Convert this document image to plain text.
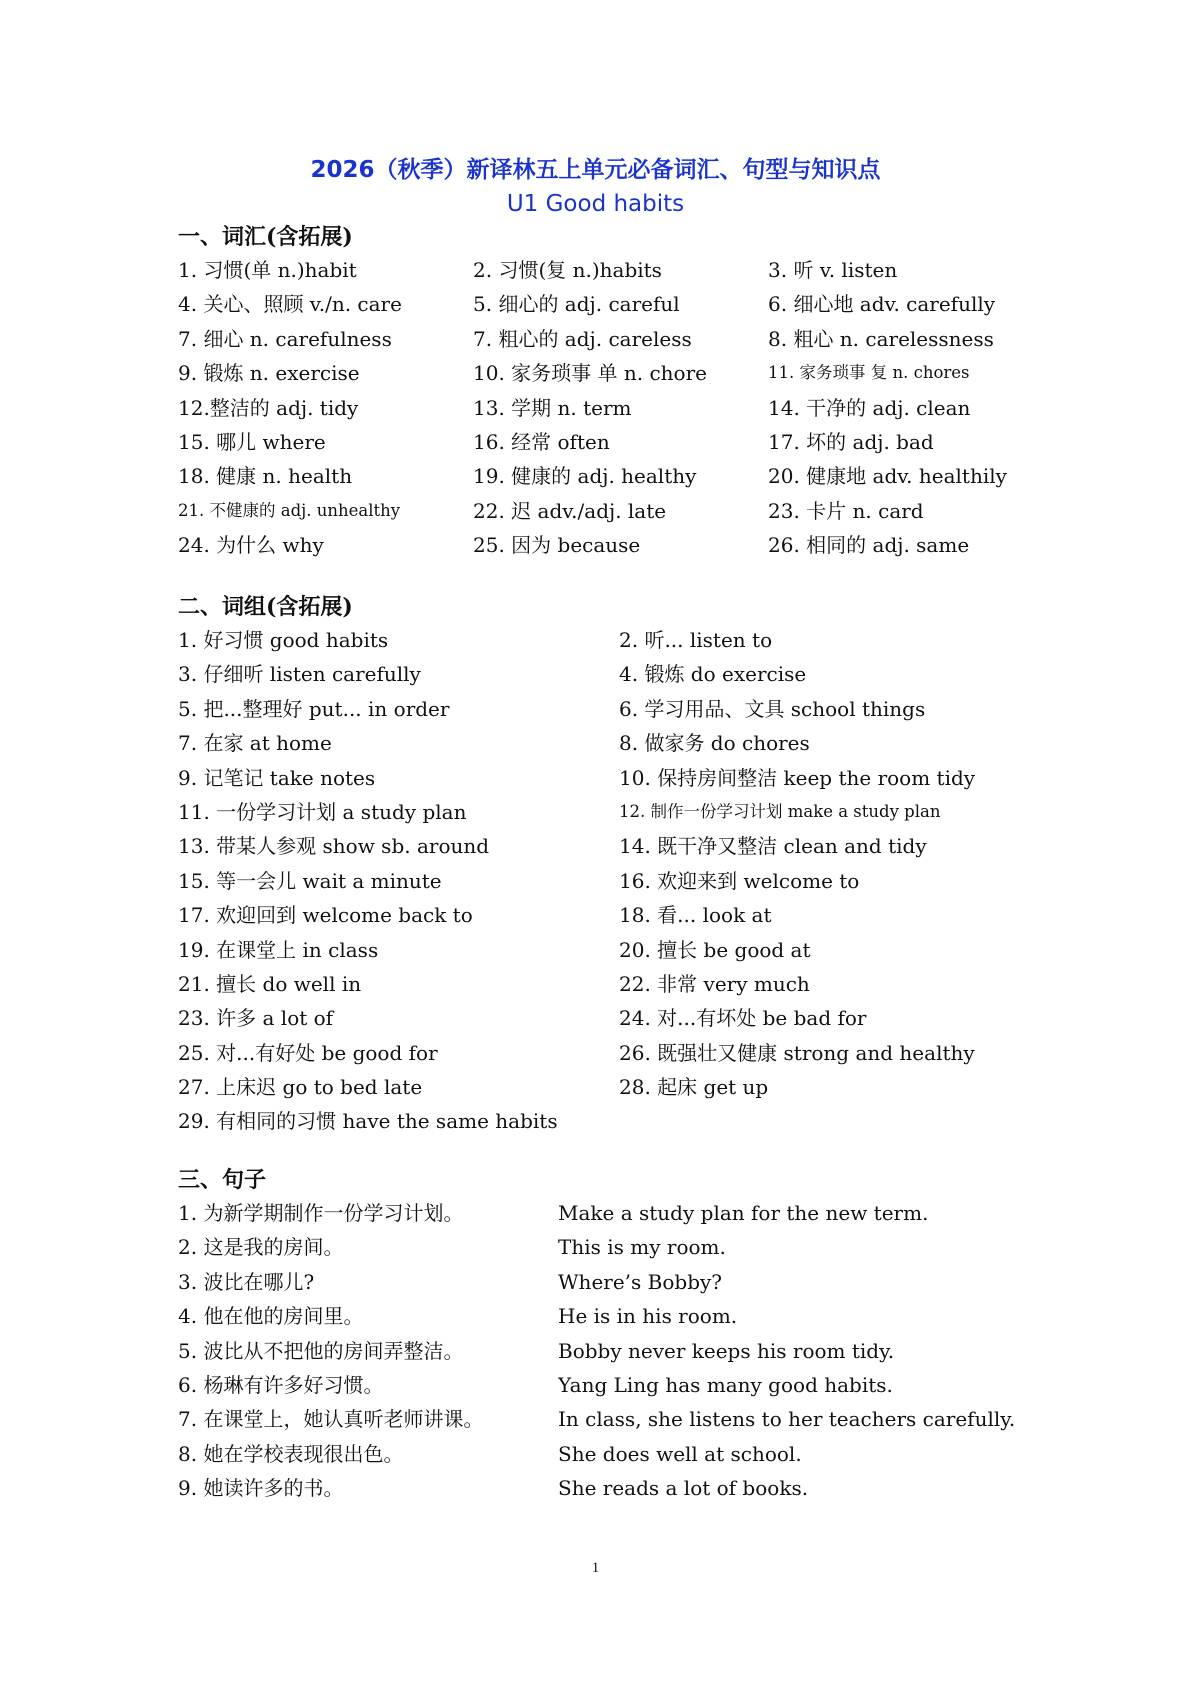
2026（秋季）新译林五上单元必备词汇、句型与知识点
U1 Good habits
一、词汇(含拓展)
1. 习惯(单 n.)habit	2. 习惯(复 n.)habits	3. 听 v. listen
4. 关心、照顾 v./n. care	5. 细心的 adj. careful	6. 细心地 adv. carefully
7. 细心 n. carefulness	7. 粗心的 adj. careless	8. 粗心 n. carelessness
9. 锻炼 n. exercise	10. 家务琐事 单 n. chore	11. 家务琐事 复 n. chores
12.整洁的 adj. tidy	13. 学期 n. term	14. 干净的 adj. clean
15. 哪儿 where	16. 经常 often	17. 坏的 adj. bad
18. 健康 n. health	19. 健康的 adj. healthy	20. 健康地 adv. healthily
21. 不健康的 adj. unhealthy	22. 迟 adv./adj. late	23. 卡片 n. card
24. 为什么 why	25. 因为 because	26. 相同的 adj. same
二、词组(含拓展)
1. 好习惯 good habits	2. 听... listen to
3. 仔细听 listen carefully	4. 锻炼 do exercise
5. 把...整理好 put... in order	6. 学习用品、文具 school things
7. 在家 at home	8. 做家务 do chores
9. 记笔记 take notes	10. 保持房间整洁 keep the room tidy
11. 一份学习计划 a study plan	12. 制作一份学习计划 make a study plan
13. 带某人参观 show sb. around	14. 既干净又整洁 clean and tidy
15. 等一会儿 wait a minute	16. 欢迎来到 welcome to
17. 欢迎回到 welcome back to	18. 看... look at
19. 在课堂上 in class	20. 擅长 be good at
21. 擅长 do well in	22. 非常 very much
23. 许多 a lot of	24. 对...有坏处 be bad for
25. 对...有好处 be good for	26. 既强壮又健康 strong and healthy
27. 上床迟 go to bed late	28. 起床 get up
29. 有相同的习惯 have the same habits
三、句子
1. 为新学期制作一份学习计划。	Make a study plan for the new term.
2. 这是我的房间。	This is my room.
3. 波比在哪儿?	Where’s Bobby?
4. 他在他的房间里。	He is in his room.
5. 波比从不把他的房间弄整洁。	Bobby never keeps his room tidy.
6. 杨琳有许多好习惯。	Yang Ling has many good habits.
7. 在课堂上，她认真听老师讲课。	In class, she listens to her teachers carefully.
8. 她在学校表现很出色。	She does well at school.
9. 她读许多的书。	She reads a lot of books.
1
